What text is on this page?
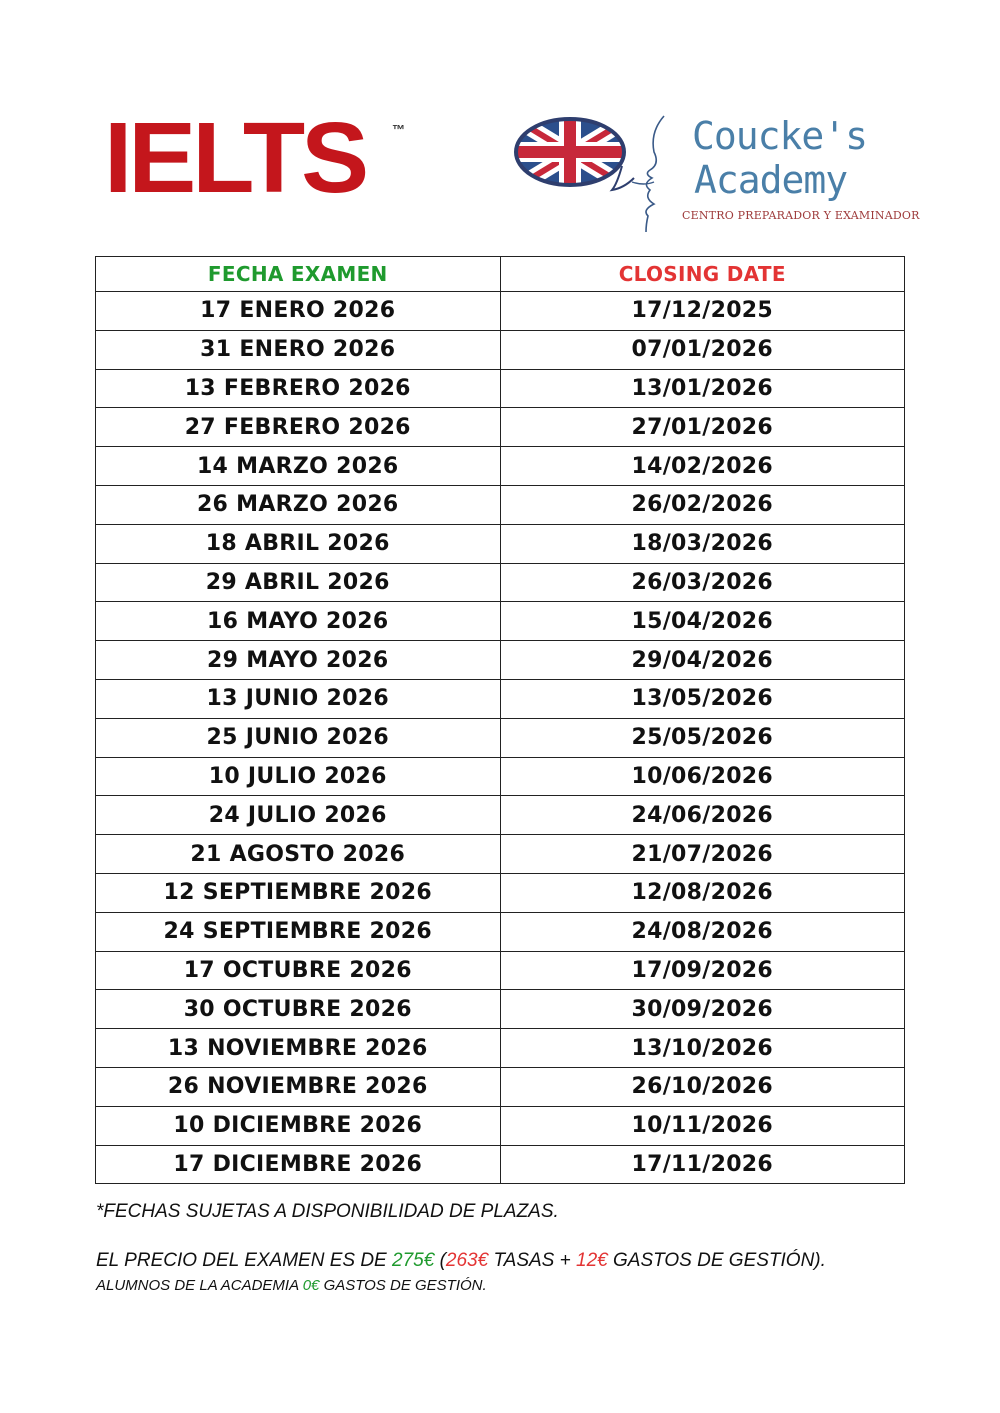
IELTS ™	Coucke's
Academy
CENTRO PREPARADOR Y EXAMINADOR
FECHA EXAMEN	CLOSING DATE
17 ENERO 2026	17/12/2025
31 ENERO 2026	07/01/2026
13 FEBRERO 2026	13/01/2026
27 FEBRERO 2026	27/01/2026
14 MARZO 2026	14/02/2026
26 MARZO 2026	26/02/2026
18 ABRIL 2026	18/03/2026
29 ABRIL 2026	26/03/2026
16 MAYO 2026	15/04/2026
29 MAYO 2026	29/04/2026
13 JUNIO 2026	13/05/2026
25 JUNIO 2026	25/05/2026
10 JULIO 2026	10/06/2026
24 JULIO 2026	24/06/2026
21 AGOSTO 2026	21/07/2026
12 SEPTIEMBRE 2026	12/08/2026
24 SEPTIEMBRE 2026	24/08/2026
17 OCTUBRE 2026	17/09/2026
30 OCTUBRE 2026	30/09/2026
13 NOVIEMBRE 2026	13/10/2026
26 NOVIEMBRE 2026	26/10/2026
10 DICIEMBRE 2026	10/11/2026
17 DICIEMBRE 2026	17/11/2026
*FECHAS SUJETAS A DISPONIBILIDAD DE PLAZAS.
EL PRECIO DEL EXAMEN ES DE 275€ (263€ TASAS + 12€ GASTOS DE GESTIÓN).
ALUMNOS DE LA ACADEMIA 0€ GASTOS DE GESTIÓN.
